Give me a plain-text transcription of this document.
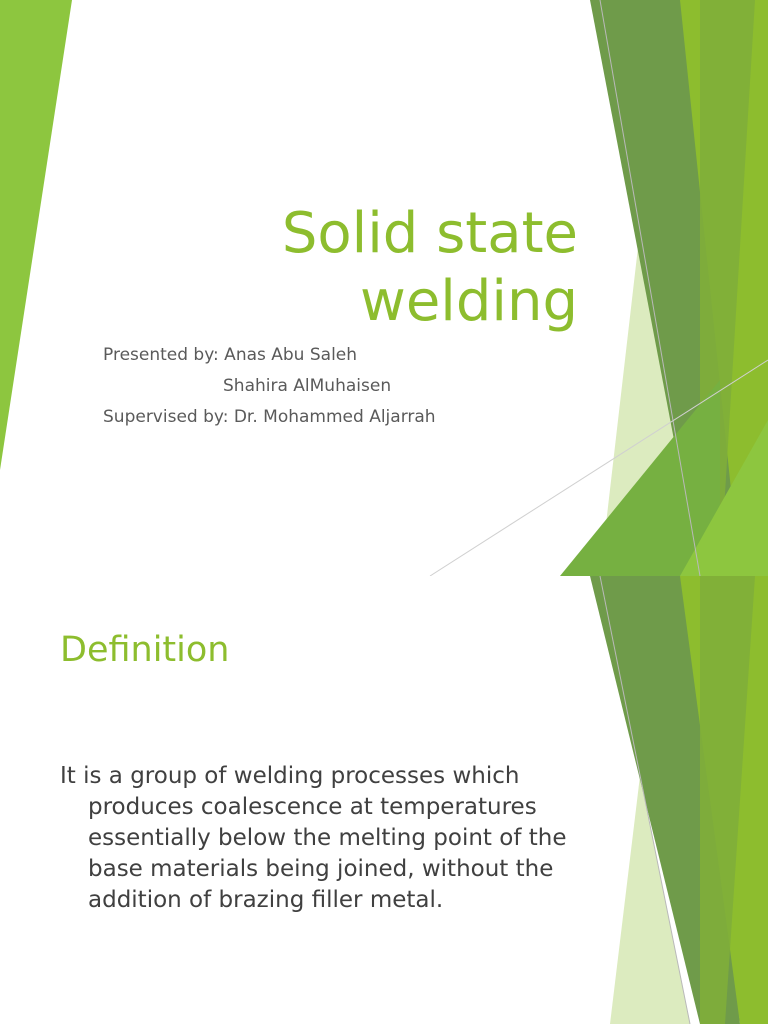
Solid state
welding
Presented by: Anas Abu Saleh
Shahira AlMuhaisen
Supervised by: Dr. Mohammed Aljarrah
Definition

It is a group of welding processes which produces coalescence at temperatures essentially below the melting point of the base materials being joined, without the addition of brazing filler metal.
